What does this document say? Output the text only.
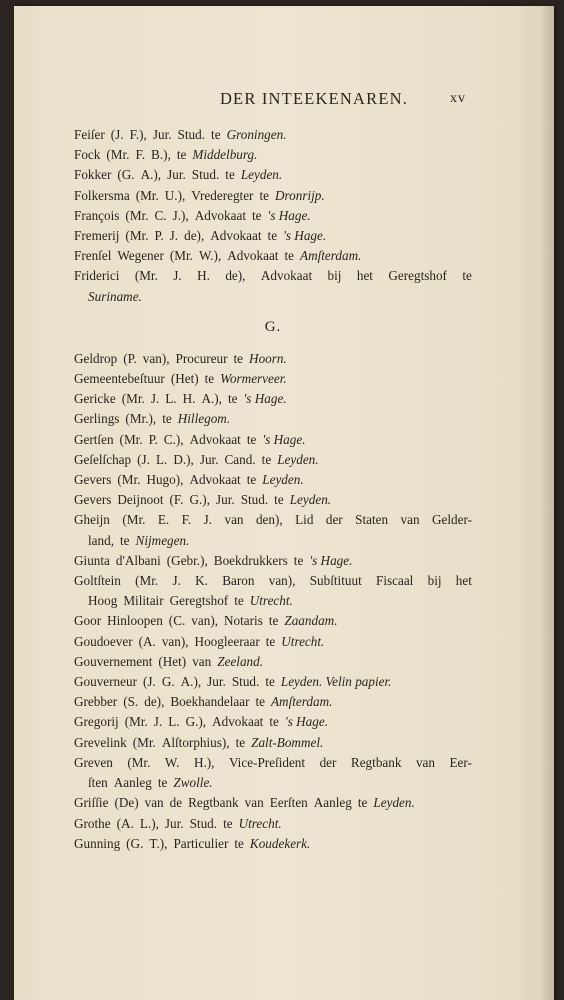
DER INTEEKENAREN.	xv
Feiſer (J. F.), Jur. Stud. te Groningen.
Fock (Mr. F. B.), te Middelburg.
Fokker (G. A.), Jur. Stud. te Leyden.
Folkersma (Mr. U.), Vrederegter te Dronrijp.
François (Mr. C. J.), Advokaat te 's Hage.
Fremerij (Mr. P. J. de), Advokaat te 's Hage.
Frenſel Wegener (Mr. W.), Advokaat te Amſterdam.
Friderici (Mr. J. H. de), Advokaat bij het Geregtshof te
Suriname.
G.
Geldrop (P. van), Procureur te Hoorn.
Gemeentebeſtuur (Het) te Wormerveer.
Gericke (Mr. J. L. H. A.), te 's Hage.
Gerlings (Mr.), te Hillegom.
Gertſen (Mr. P. C.), Advokaat te 's Hage.
Geſelſchap (J. L. D.), Jur. Cand. te Leyden.
Gevers (Mr. Hugo), Advokaat te Leyden.
Gevers Deijnoot (F. G.), Jur. Stud. te Leyden.
Gheijn (Mr. E. F. J. van den), Lid der Staten van Gelder-
land, te Nijmegen.
Giunta d'Albani (Gebr.), Boekdrukkers te 's Hage.
Goltſtein (Mr. J. K. Baron van), Subſtituut Fiscaal bij het
Hoog Militair Geregtshof te Utrecht.
Goor Hinloopen (C. van), Notaris te Zaandam.
Goudoever (A. van), Hoogleeraar te Utrecht.
Gouvernement (Het) van Zeeland.
Gouverneur (J. G. A.), Jur. Stud. te Leyden. Velin papier.
Grebber (S. de), Boekhandelaar te Amſterdam.
Gregorij (Mr. J. L. G.), Advokaat te 's Hage.
Grevelink (Mr. Alſtorphius), te Zalt-Bommel.
Greven (Mr. W. H.), Vice-Preſident der Regtbank van Eer-
ſten Aanleg te Zwolle.
Griſſie (De) van de Regtbank van Eerſten Aanleg te Leyden.
Grothe (A. L.), Jur. Stud. te Utrecht.
Gunning (G. T.), Particulier te Koudekerk.
